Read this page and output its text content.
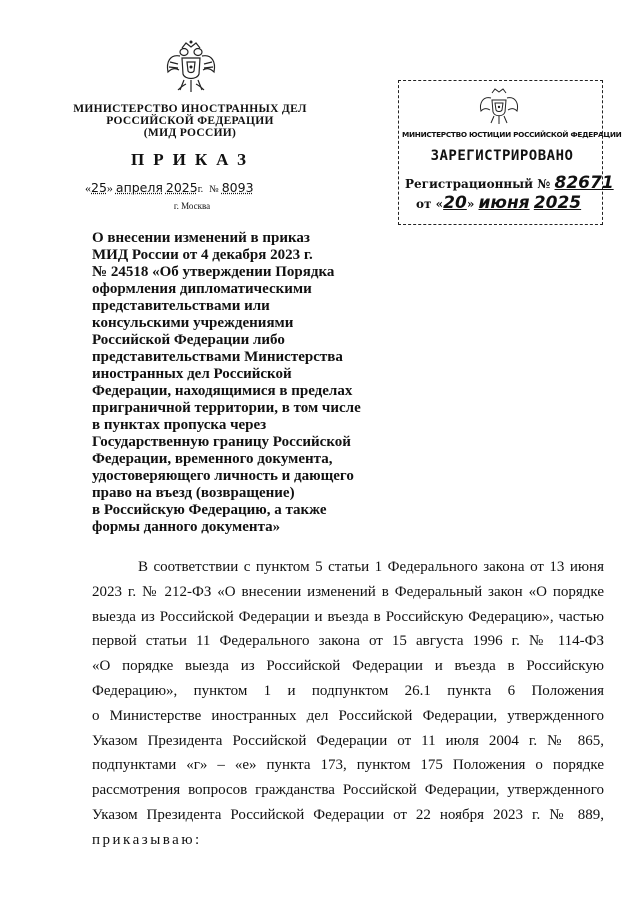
МИНИСТЕРСТВО ИНОСТРАННЫХ ДЕЛ
РОССИЙСКОЙ ФЕДЕРАЦИИ
(МИД РОССИИ)
ПРИКАЗ
«25» апреля 2025г. № 8093
г. Москва
МИНИСТЕРСТВО ЮСТИЦИИ РОССИЙСКОЙ ФЕДЕРАЦИИ
ЗАРЕГИСТРИРОВАНО
Регистрационный № 82671
от «20» июня 2025
О внесении изменений в приказ
МИД России от 4 декабря 2023 г.
№ 24518 «Об утверждении Порядка
оформления дипломатическими
представительствами или
консульскими учреждениями
Российской Федерации либо
представительствами Министерства
иностранных дел Российской
Федерации, находящимися в пределах
приграничной территории, в том числе
в пунктах пропуска через
Государственную границу Российской
Федерации, временного документа,
удостоверяющего личность и дающего
право на въезд (возвращение)
в Российскую Федерацию, а также
формы данного документа»
В соответствии с пунктом 5 статьи 1 Федерального закона от 13 июня
2023 г. № 212-ФЗ «О внесении изменений в Федеральный закон «О порядке
выезда из Российской Федерации и въезда в Российскую Федерацию», частью
первой статьи 11 Федерального закона от 15 августа 1996 г. № 114-ФЗ
«О порядке выезда из Российской Федерации и въезда в Российскую
Федерацию», пунктом 1 и подпунктом 26.1 пункта 6 Положения
о Министерстве иностранных дел Российской Федерации, утвержденного
Указом Президента Российской Федерации от 11 июля 2004 г. № 865,
подпунктами «г» – «е» пункта 173, пунктом 175 Положения о порядке
рассмотрения вопросов гражданства Российской Федерации, утвержденного
Указом Президента Российской Федерации от 22 ноября 2023 г. № 889,
приказываю:
